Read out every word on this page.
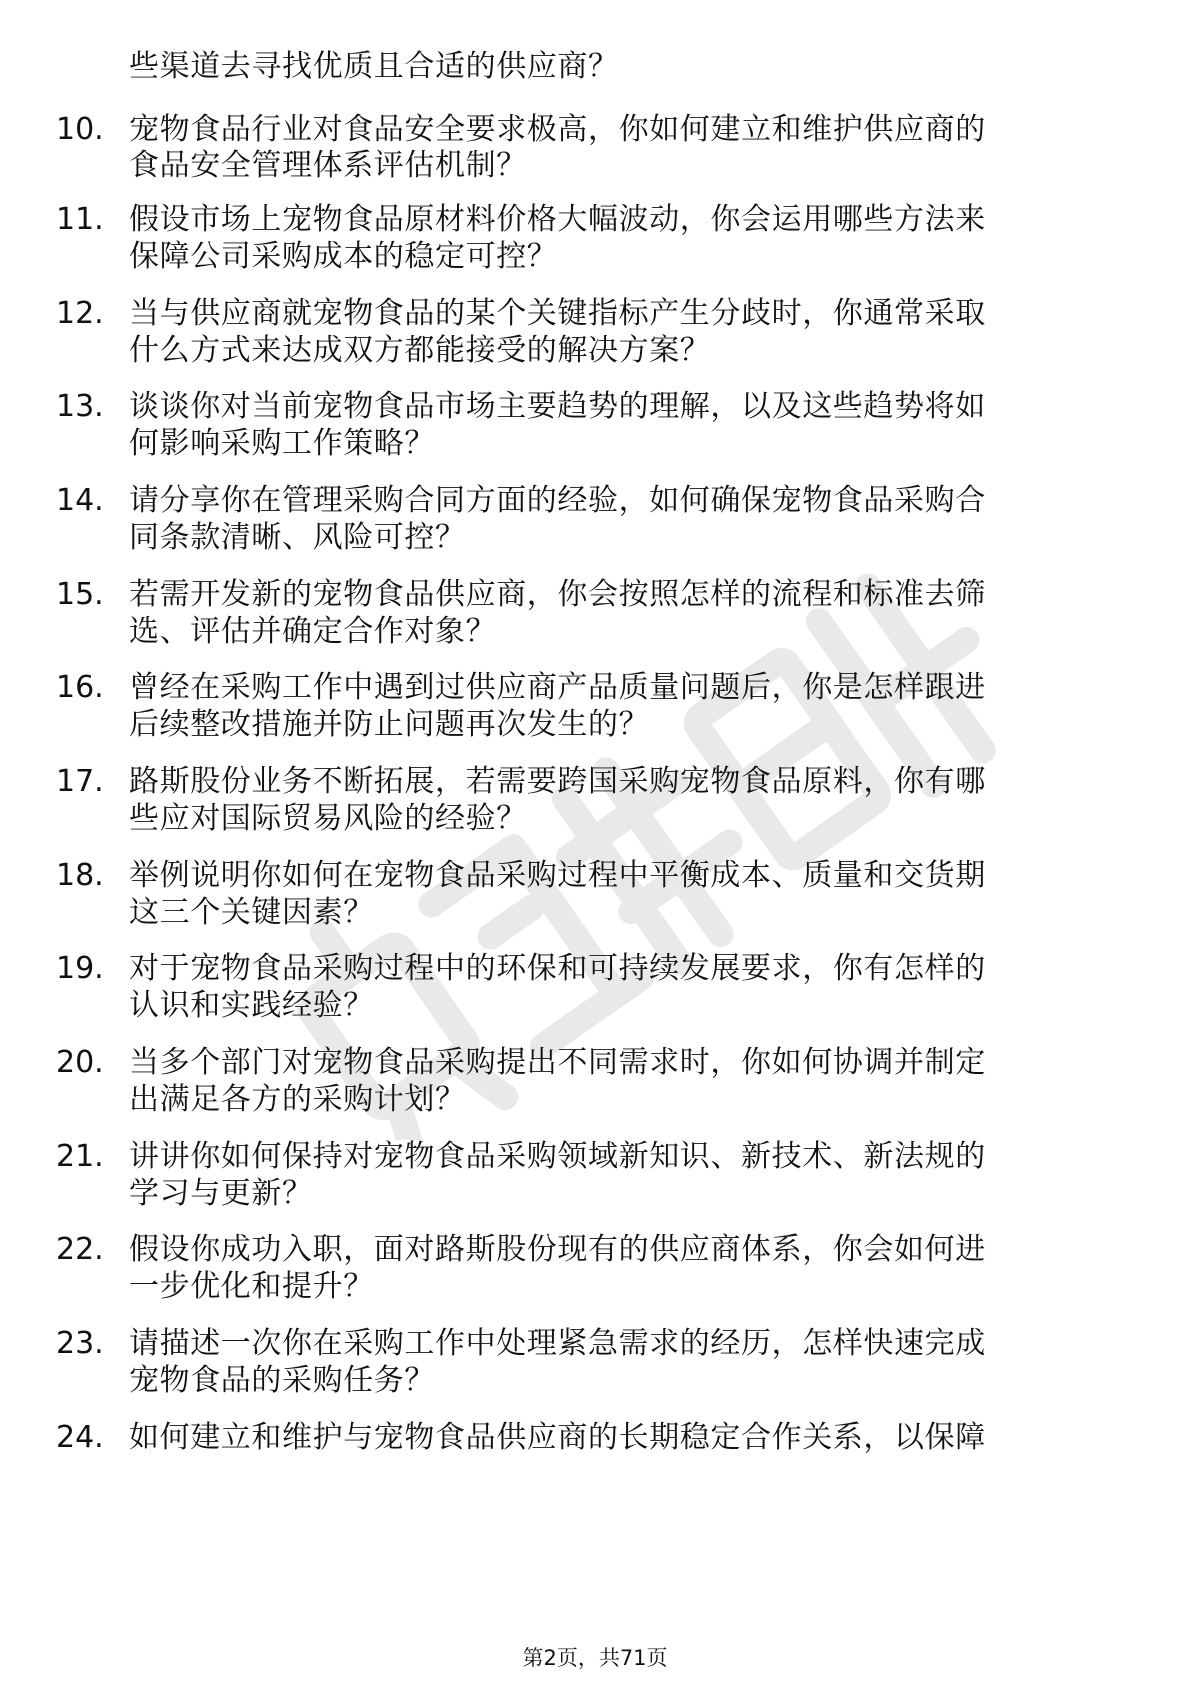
些渠道去寻找优质且合适的供应商？
10. 宠物食品行业对食品安全要求极高，你如何建立和维护供应商的
食品安全管理体系评估机制？
11. 假设市场上宠物食品原材料价格大幅波动，你会运用哪些方法来
保障公司采购成本的稳定可控？
12. 当与供应商就宠物食品的某个关键指标产生分歧时，你通常采取
什么方式来达成双方都能接受的解决方案？
13. 谈谈你对当前宠物食品市场主要趋势的理解，以及这些趋势将如
何影响采购工作策略？
14. 请分享你在管理采购合同方面的经验，如何确保宠物食品采购合
同条款清晰、风险可控？
15. 若需开发新的宠物食品供应商，你会按照怎样的流程和标准去筛
选、评估并确定合作对象？
16. 曾经在采购工作中遇到过供应商产品质量问题后，你是怎样跟进
后续整改措施并防止问题再次发生的？
17. 路斯股份业务不断拓展，若需要跨国采购宠物食品原料，你有哪
些应对国际贸易风险的经验？
18. 举例说明你如何在宠物食品采购过程中平衡成本、质量和交货期
这三个关键因素？
19. 对于宠物食品采购过程中的环保和可持续发展要求，你有怎样的
认识和实践经验？
20. 当多个部门对宠物食品采购提出不同需求时，你如何协调并制定
出满足各方的采购计划？
21. 讲讲你如何保持对宠物食品采购领域新知识、新技术、新法规的
学习与更新？
22. 假设你成功入职，面对路斯股份现有的供应商体系，你会如何进
一步优化和提升？
23. 请描述一次你在采购工作中处理紧急需求的经历，怎样快速完成
宠物食品的采购任务？
24. 如何建立和维护与宠物食品供应商的长期稳定合作关系，以保障
第2页，共71页
